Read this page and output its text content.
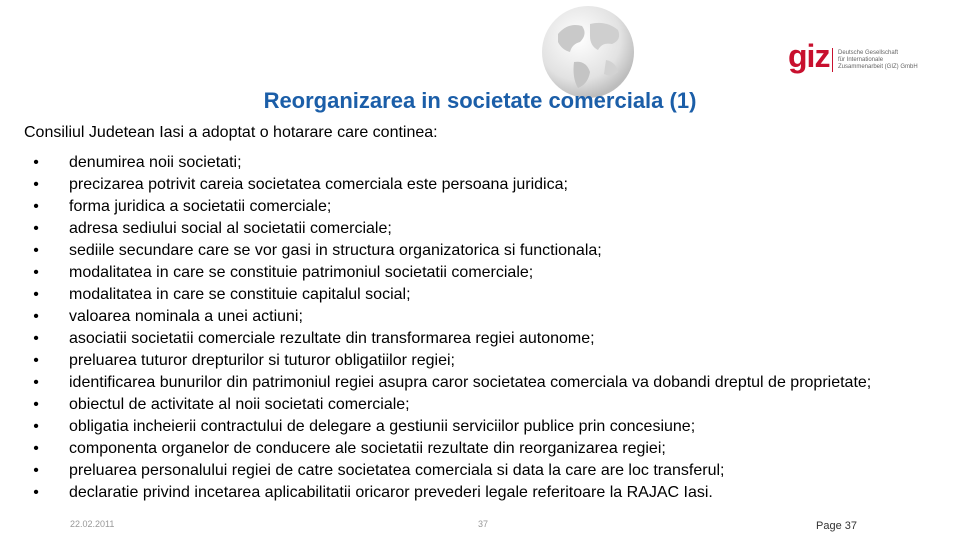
giz Deutsche Gesellschaft
für Internationale
Zusammenarbeit (GIZ) GmbH
Reorganizarea in societate comerciala (1)
Consiliul Judetean Iasi a adoptat o hotarare care continea:
• denumirea noii societati;
• precizarea potrivit careia societatea comerciala este persoana juridica;
• forma juridica a societatii comerciale;
• adresa sediului social al societatii comerciale;
• sediile secundare care se vor gasi in structura organizatorica si functionala;
• modalitatea in care se constituie patrimoniul societatii comerciale;
• modalitatea in care se constituie capitalul social;
• valoarea nominala a unei actiuni;
• asociatii societatii comerciale rezultate din transformarea regiei autonome;
• preluarea tuturor drepturilor si tuturor obligatiilor regiei;
• identificarea bunurilor din patrimoniul regiei asupra caror societatea comerciala va dobandi dreptul de proprietate;
• obiectul de activitate al noii societati comerciale;
• obligatia incheierii contractului de delegare a gestiunii serviciilor publice prin concesiune;
• componenta organelor de conducere ale societatii rezultate din reorganizarea regiei;
• preluarea personalului regiei de catre societatea comerciala si data la care are loc transferul;
• declaratie privind incetarea aplicabilitatii oricaror prevederi legale referitoare la RAJAC Iasi.
22.02.2011	37	Page 37
